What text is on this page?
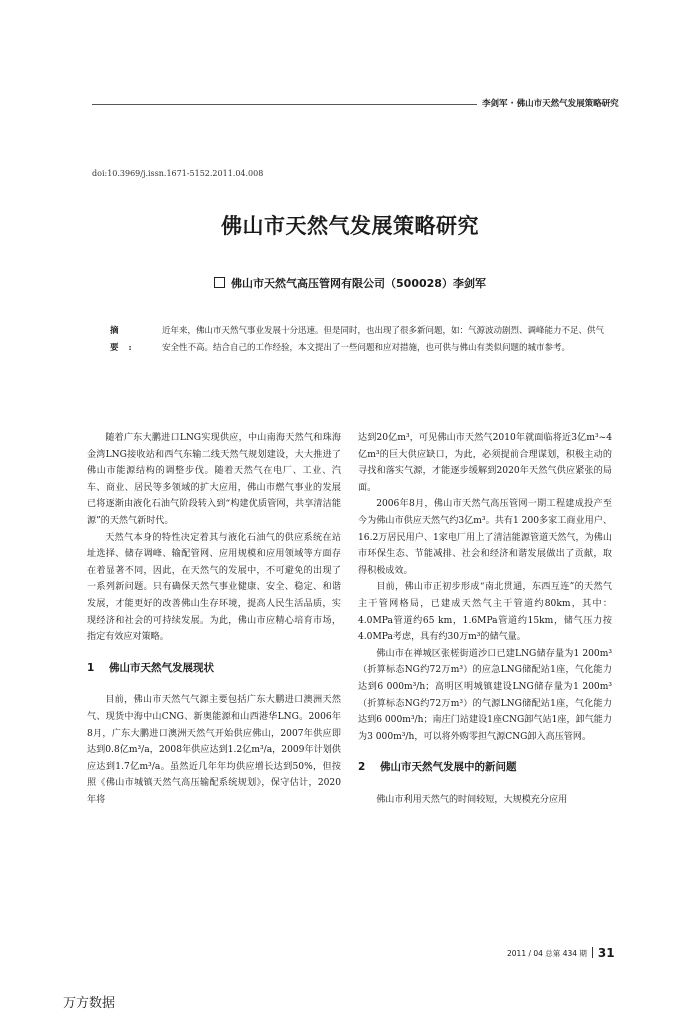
李剑军 · 佛山市天然气发展策略研究
doi:10.3969/j.issn.1671-5152.2011.04.008
佛山市天然气发展策略研究
佛山市天然气高压管网有限公司（500028）李剑军
摘 要:
近年来，佛山市天然气事业发展十分迅速。但是同时，也出现了很多新问题，如：气源波动剧烈、调峰能力不足、供气安全性不高。结合自己的工作经验，本文提出了一些问题和应对措施，也可供与佛山有类似问题的城市参考。

随着广东大鹏进口LNG实现供应，中山南海天然气和珠海金湾LNG接收站和西气东输二线天然气规划建设，大大推进了佛山市能源结构的调整步伐。随着天然气在电厂、工业、汽车、商业、居民等多领域的扩大应用，佛山市燃气事业的发展已将逐渐由液化石油气阶段转入到“构建优质管网，共享清洁能源”的天然气新时代。

天然气本身的特性决定着其与液化石油气的供应系统在站址选择、储存调峰、输配管网、应用规模和应用领域等方面存在着显著不同，因此，在天然气的发展中，不可避免的出现了一系列新问题。只有确保天然气事业健康、安全、稳定、和谐发展，才能更好的改善佛山生存环境，提高人民生活品质，实现经济和社会的可持续发展。为此，佛山市应精心培育市场，指定有效应对策略。

1 佛山市天然气发展现状

目前，佛山市天然气气源主要包括广东大鹏进口澳洲天然气、现货中海中山CNG、新奥能源和山西港华LNG。2006年8月，广东大鹏进口澳洲天然气开始供应佛山，2007年供应即达到0.8亿m³/a，2008年供应达到1.2亿m³/a，2009年计划供应达到1.7亿m³/a。虽然近几年年均供应增长达到50%，但按照《佛山市城镇天然气高压输配系统规划》，保守估计，2020年将

达到20亿m³，可见佛山市天然气2010年就面临将近3亿m³~4亿m³的巨大供应缺口，为此，必须提前合理谋划，积极主动的寻找和落实气源，才能逐步缓解到2020年天然气供应紧张的局面。

2006年8月，佛山市天然气高压管网一期工程建成投产至今为佛山市供应天然气约3亿m³。共有1 200多家工商业用户、16.2万居民用户、1家电厂用上了清洁能源管道天然气，为佛山市环保生态、节能减排、社会和经济和谐发展做出了贡献，取得积极成效。

目前，佛山市正初步形成“南北贯通，东西互连”的天然气主干管网格局，已建成天然气主干管道约80km，其中：4.0MPa管道约65 km，1.6MPa管道约15km，储气压力按4.0MPa考虑，具有约30万m³的储气量。

佛山市在禅城区张槎街道沙口已建LNG储存量为1 200m³（折算标态NG约72万m³）的应急LNG储配站1座，气化能力达到6 000m³/h；高明区明城镇建设LNG储存量为1 200m³（折算标态NG约72万m³）的气源LNG储配站1座，气化能力达到6 000m³/h；南庄门站建设1座CNG卸气站1座，卸气能力为3 000m³/h，可以将外购零担气源CNG卸入高压管网。

2 佛山市天然气发展中的新问题

佛山市利用天然气的时间较短，大规模充分应用

2011 / 04 总第 434 期 31
万方数据
